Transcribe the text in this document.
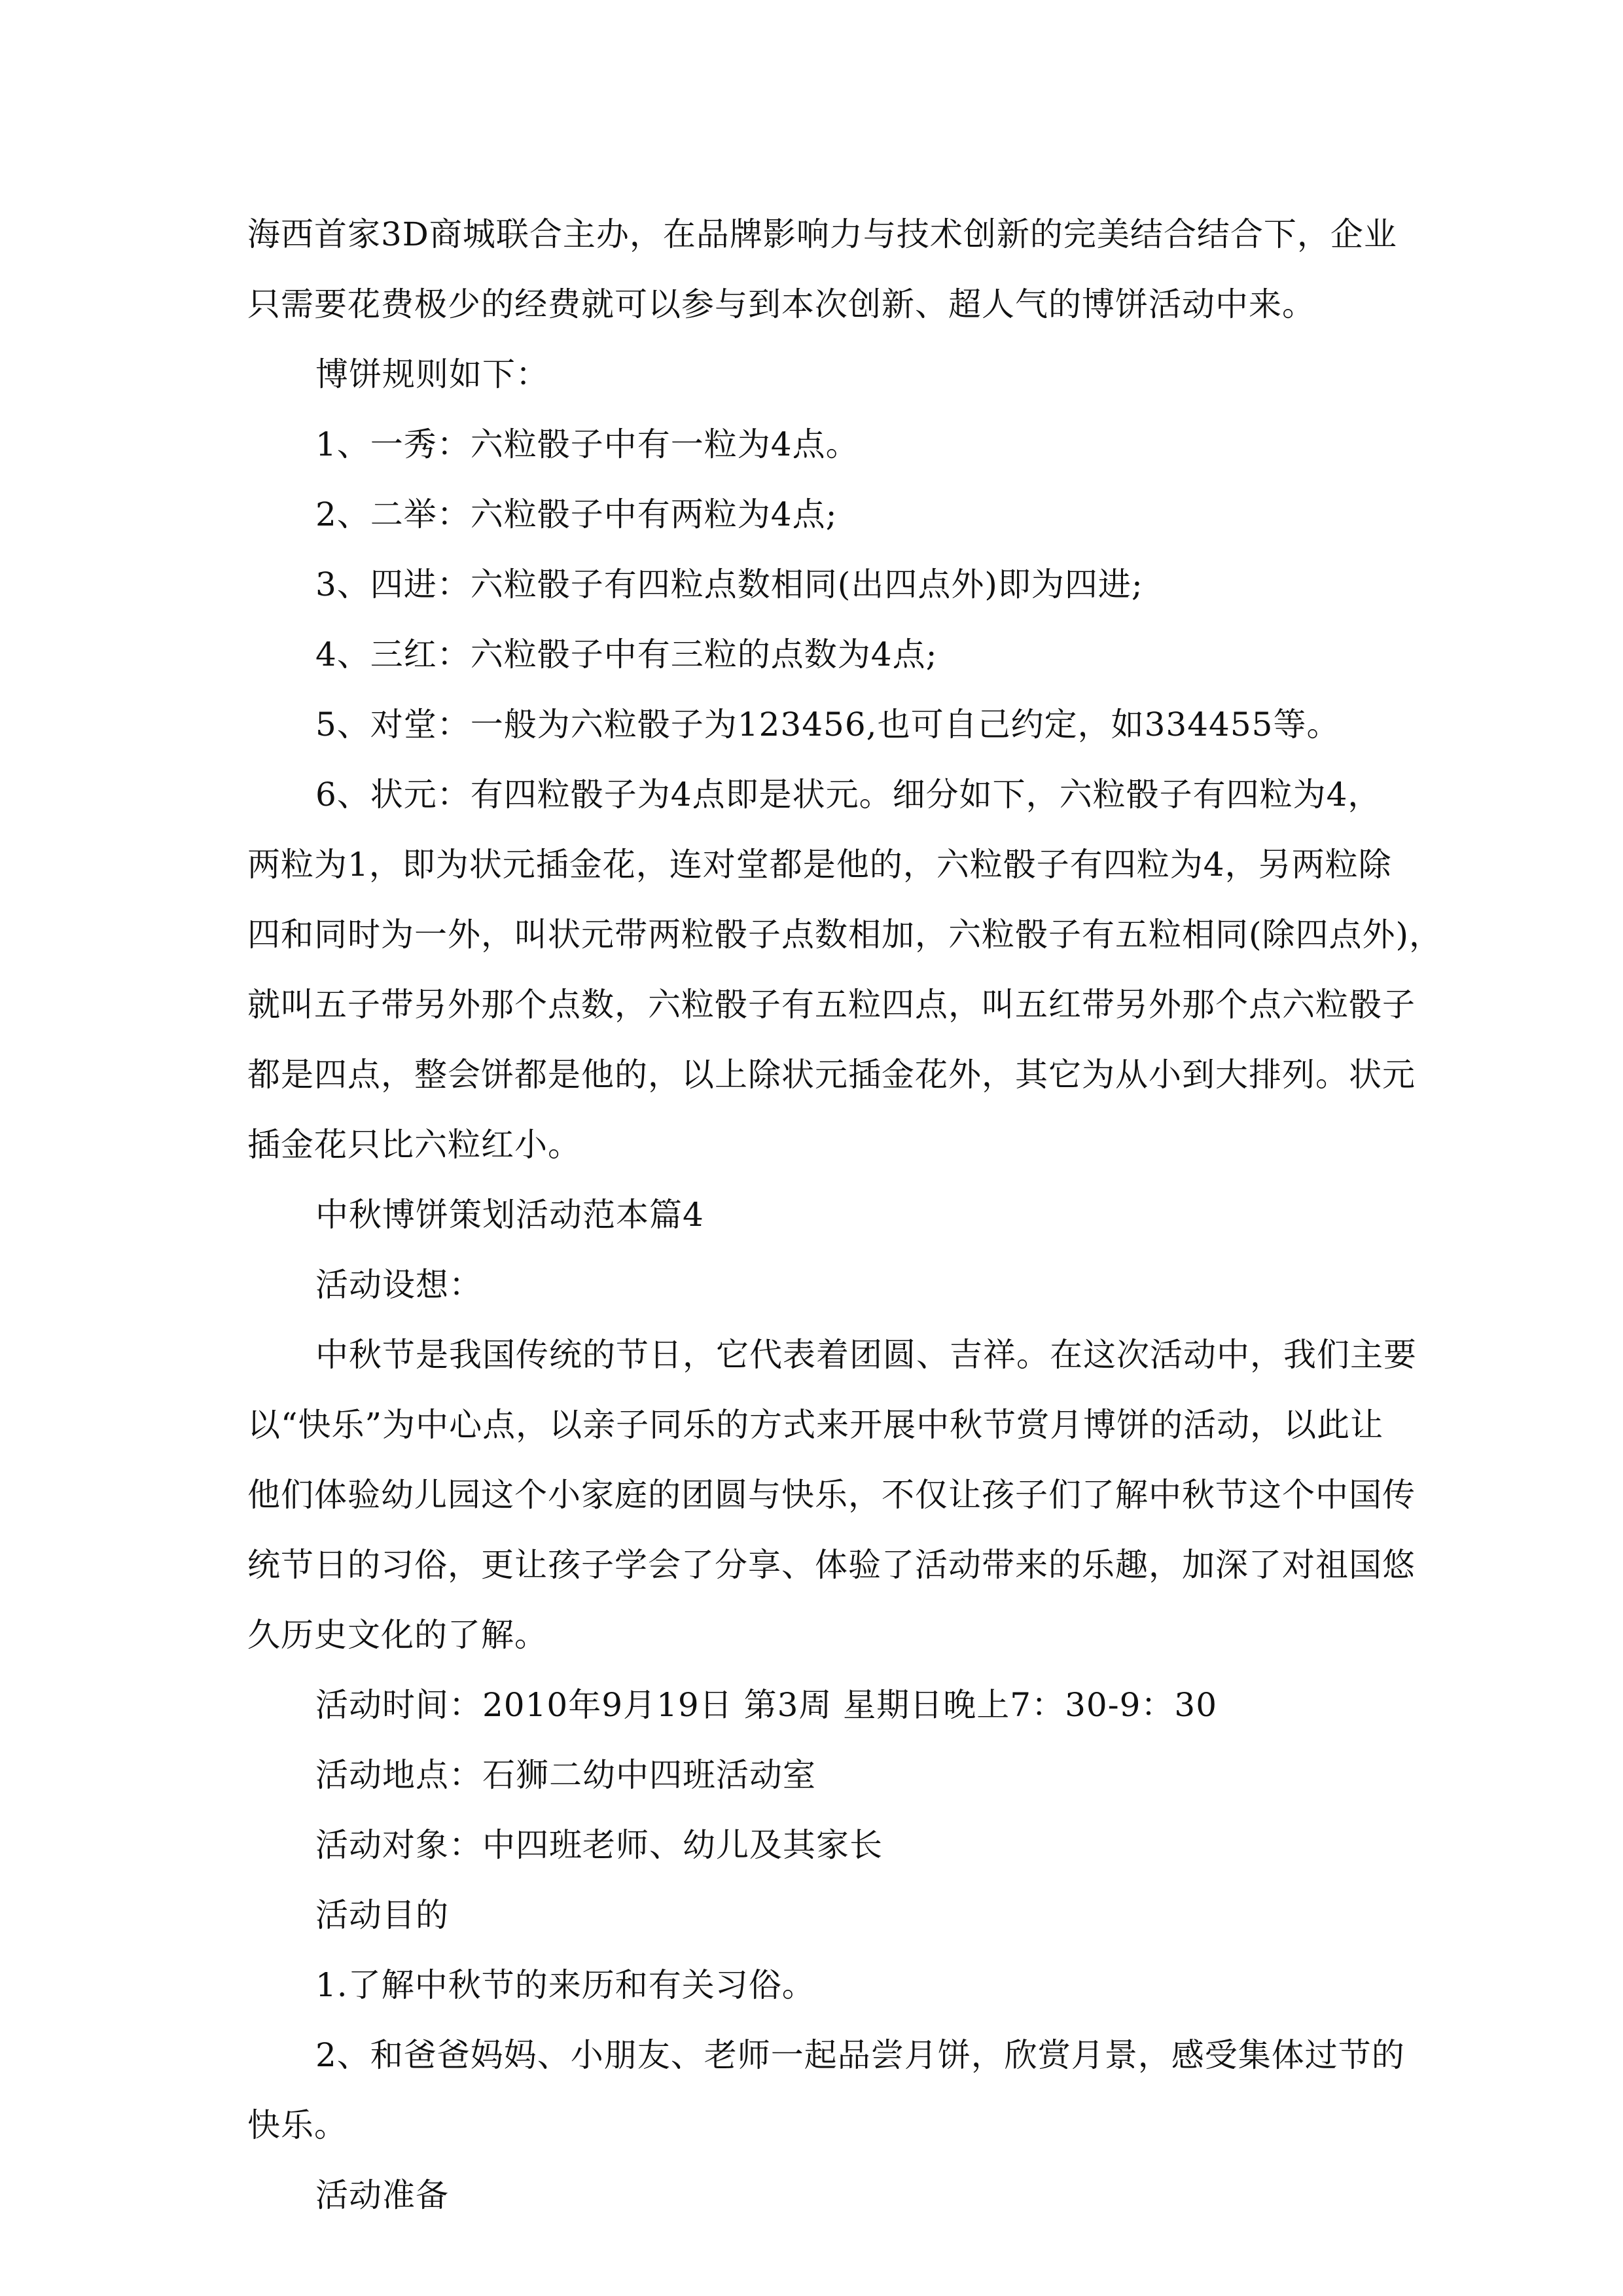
海西首家3D商城联合主办，在品牌影响力与技术创新的完美结合结合下，企业
只需要花费极少的经费就可以参与到本次创新、超人气的博饼活动中来。

博饼规则如下：

1、一秀：六粒骰子中有一粒为4点。

2、二举：六粒骰子中有两粒为4点;

3、四进：六粒骰子有四粒点数相同(出四点外)即为四进;

4、三红：六粒骰子中有三粒的点数为4点;

5、对堂：一般为六粒骰子为123456,也可自己约定，如334455等。

6、状元：有四粒骰子为4点即是状元。细分如下，六粒骰子有四粒为4，
两粒为1，即为状元插金花，连对堂都是他的，六粒骰子有四粒为4，另两粒除
四和同时为一外，叫状元带两粒骰子点数相加，六粒骰子有五粒相同(除四点外)，
就叫五子带另外那个点数，六粒骰子有五粒四点，叫五红带另外那个点六粒骰子
都是四点，整会饼都是他的，以上除状元插金花外，其它为从小到大排列。状元
插金花只比六粒红小。

中秋博饼策划活动范本篇4

活动设想：

中秋节是我国传统的节日，它代表着团圆、吉祥。在这次活动中，我们主要
以“快乐”为中心点，以亲子同乐的方式来开展中秋节赏月博饼的活动，以此让
他们体验幼儿园这个小家庭的团圆与快乐，不仅让孩子们了解中秋节这个中国传
统节日的习俗，更让孩子学会了分享、体验了活动带来的乐趣，加深了对祖国悠
久历史文化的了解。

活动时间：2010年9月19日 第3周 星期日晚上7：30-9：30

活动地点：石狮二幼中四班活动室

活动对象：中四班老师、幼儿及其家长

活动目的

1.了解中秋节的来历和有关习俗。

2、和爸爸妈妈、小朋友、老师一起品尝月饼，欣赏月景，感受集体过节的
快乐。

活动准备
